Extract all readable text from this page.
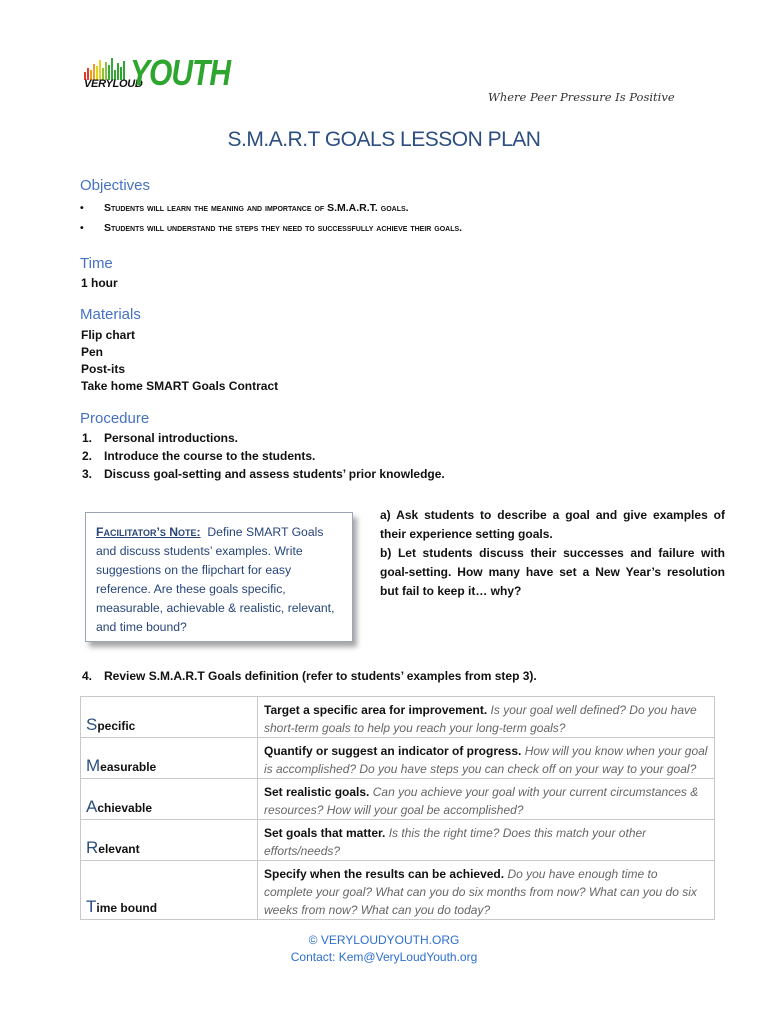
VERYLOUD
YOUTH
Where Peer Pressure Is Positive
S.M.A.R.T GOALS LESSON PLAN
Objectives
•	Students will learn the meaning and importance of S.M.A.R.T. goals.
•	Students will understand the steps they need to successfully achieve their goals.
Time
1 hour
Materials
Flip chart
Pen
Post-its
Take home SMART Goals Contract
Procedure
1. Personal introductions.
2. Introduce the course to the students.
3. Discuss goal-setting and assess students’ prior knowledge.
Facilitator’s Note: Define SMART Goals and discuss students’ examples. Write suggestions on the flipchart for easy reference. Are these goals specific, measurable, achievable & realistic, relevant, and time bound?
a) Ask students to describe a goal and give examples of their experience setting goals.
b) Let students discuss their successes and failure with goal-setting. How many have set a New Year’s resolution but fail to keep it… why?
4. Review S.M.A.R.T Goals definition (refer to students’ examples from step 3).
Specific	Target a specific area for improvement. Is your goal well defined? Do you have short-term goals to help you reach your long-term goals?

Measurable	Quantify or suggest an indicator of progress. How will you know when your goal is accomplished? Do you have steps you can check off on your way to your goal?

Achievable	Set realistic goals. Can you achieve your goal with your current circumstances & resources? How will your goal be accomplished?

Relevant	Set goals that matter. Is this the right time? Does this match your other efforts/needs?

Time bound	Specify when the results can be achieved. Do you have enough time to complete your goal? What can you do six months from now? What can you do six weeks from now? What can you do today?
© VERYLOUDYOUTH.ORG
Contact: Kem@VeryLoudYouth.org
